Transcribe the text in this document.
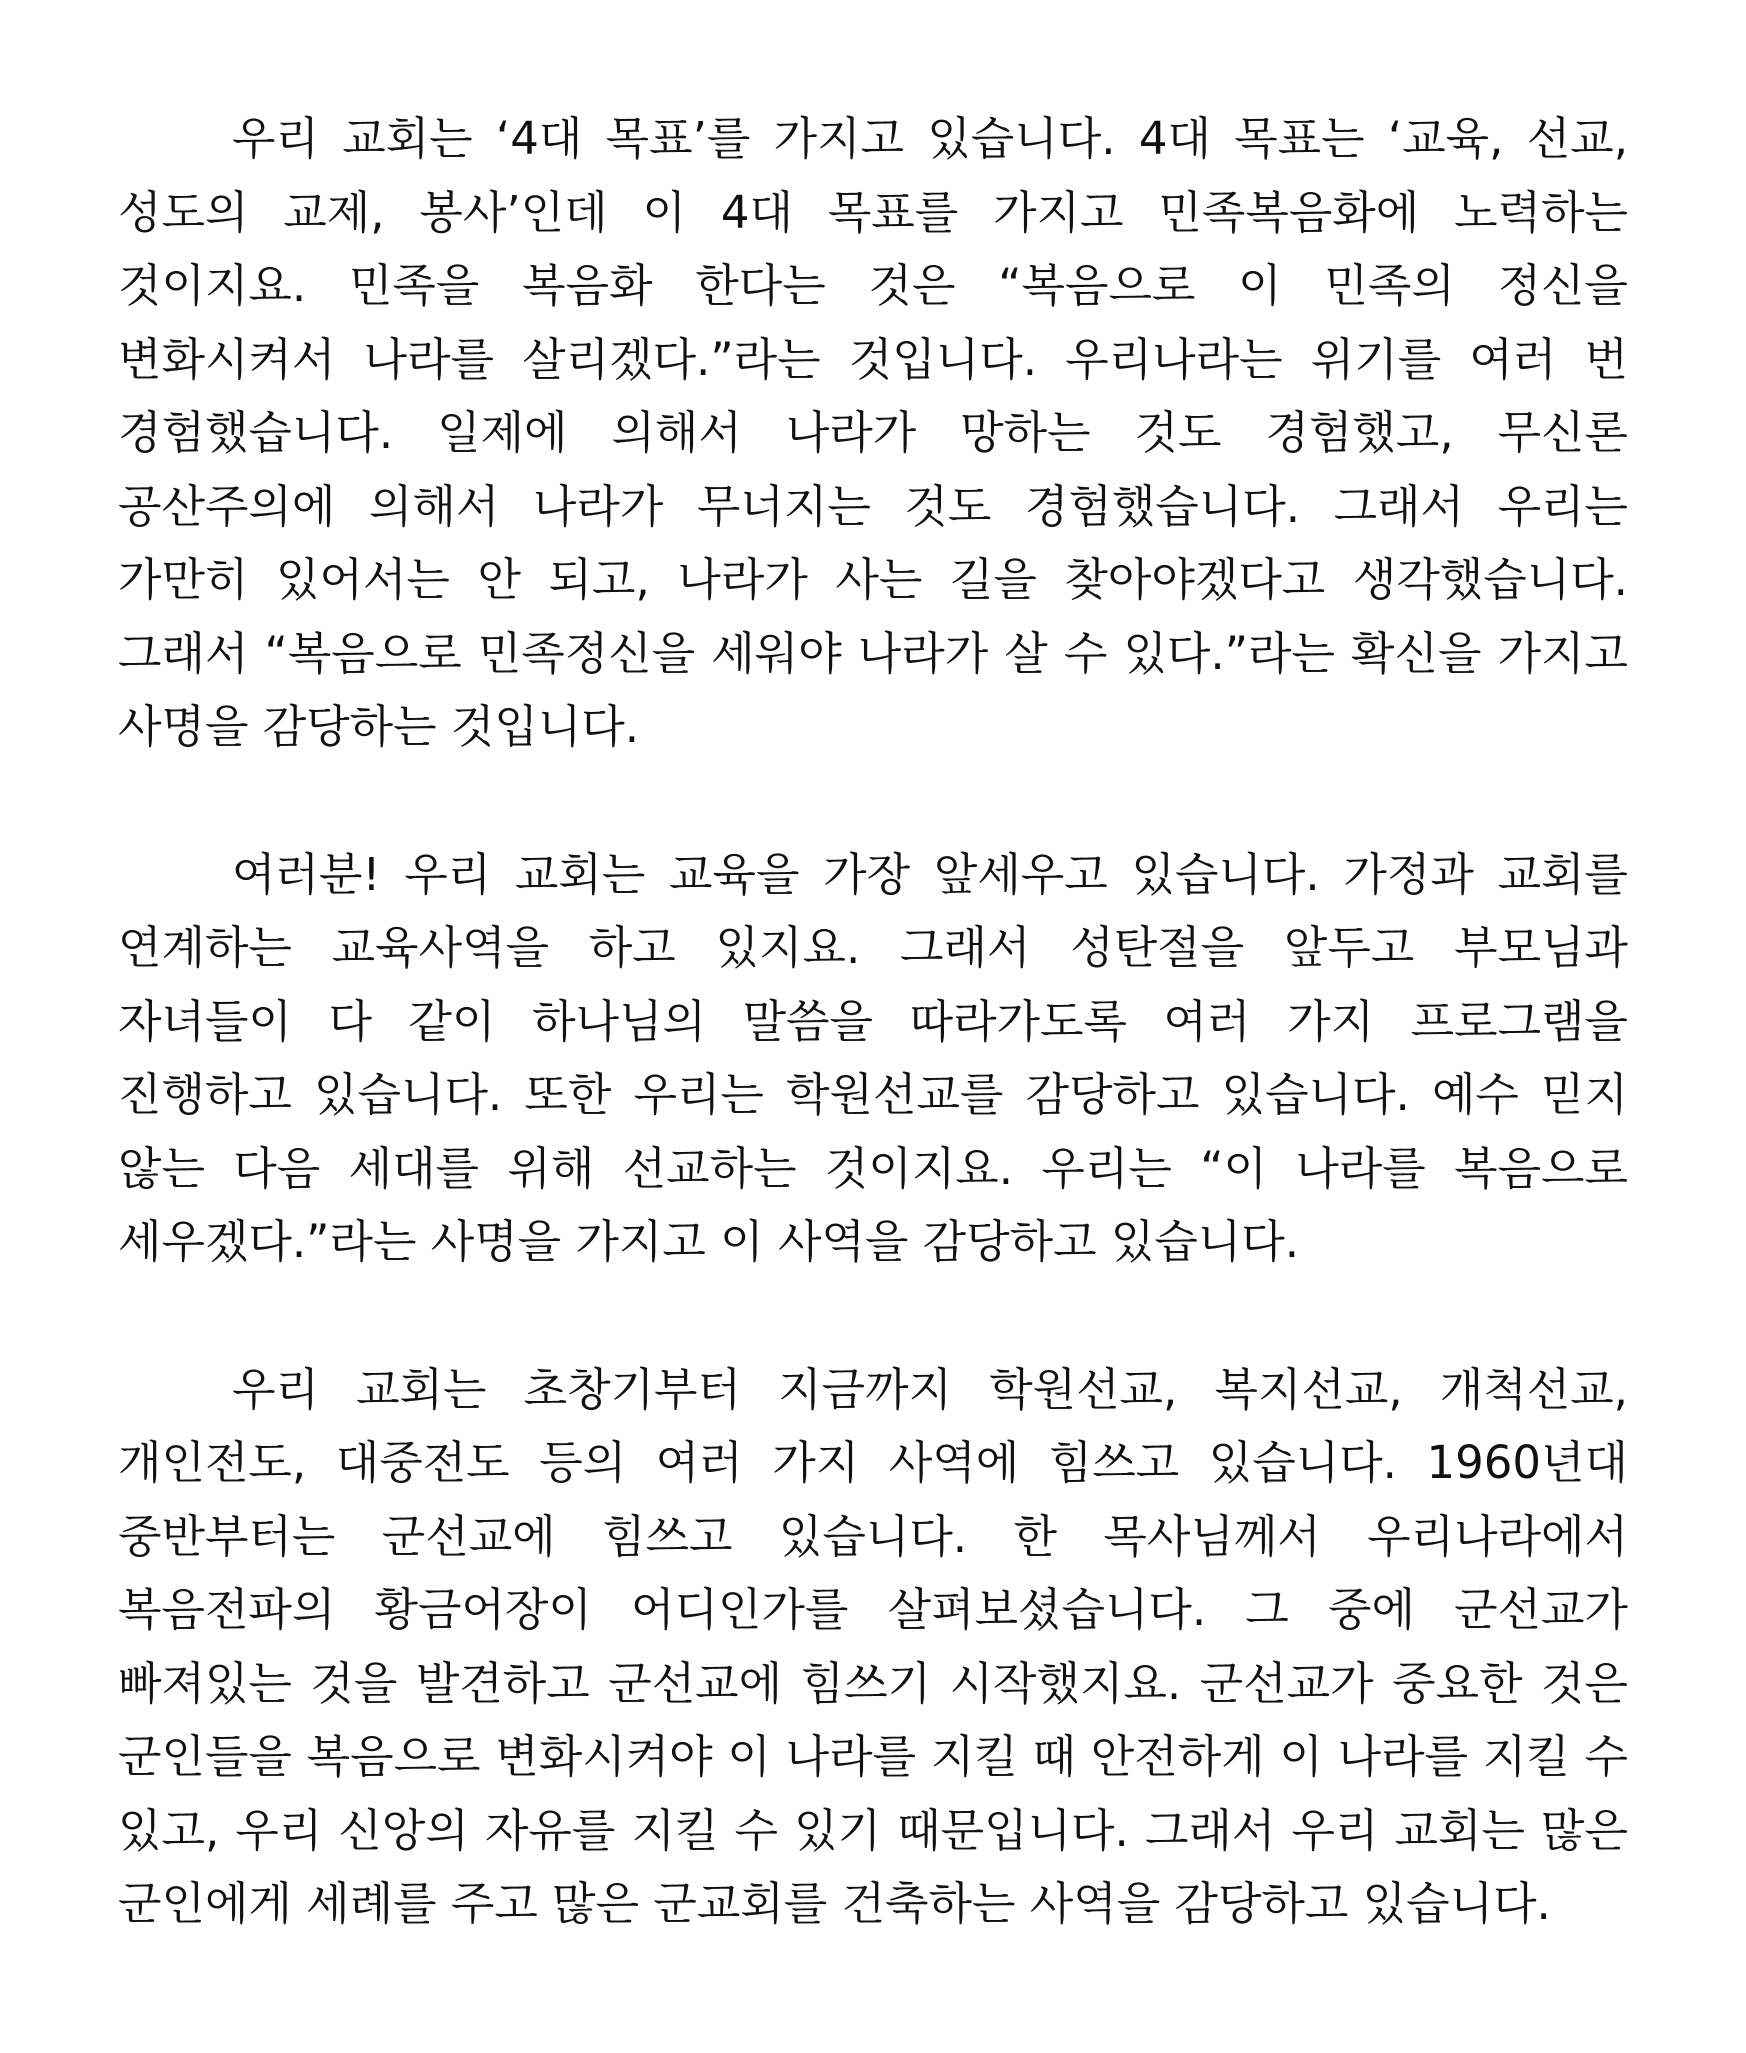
우리 교회는 ‘4대 목표’를 가지고 있습니다. 4대 목표는 ‘교육, 선교, 성도의 교제, 봉사’인데 이 4대 목표를 가지고 민족복음화에 노력하는 것이지요. 민족을 복음화 한다는 것은 “복음으로 이 민족의 정신을 변화시켜서 나라를 살리겠다.”라는 것입니다. 우리나라는 위기를 여러 번 경험했습니다. 일제에 의해서 나라가 망하는 것도 경험했고, 무신론 공산주의에 의해서 나라가 무너지는 것도 경험했습니다. 그래서 우리는 가만히 있어서는 안 되고, 나라가 사는 길을 찾아야겠다고 생각했습니다. 그래서 “복음으로 민족정신을 세워야 나라가 살 수 있다.”라는 확신을 가지고 사명을 감당하는 것입니다.

여러분! 우리 교회는 교육을 가장 앞세우고 있습니다. 가정과 교회를 연계하는 교육사역을 하고 있지요. 그래서 성탄절을 앞두고 부모님과 자녀들이 다 같이 하나님의 말씀을 따라가도록 여러 가지 프로그램을 진행하고 있습니다. 또한 우리는 학원선교를 감당하고 있습니다. 예수 믿지 않는 다음 세대를 위해 선교하는 것이지요. 우리는 “이 나라를 복음으로 세우겠다.”라는 사명을 가지고 이 사역을 감당하고 있습니다.

우리 교회는 초창기부터 지금까지 학원선교, 복지선교, 개척선교, 개인전도, 대중전도 등의 여러 가지 사역에 힘쓰고 있습니다. 1960년대 중반부터는 군선교에 힘쓰고 있습니다. 한 목사님께서 우리나라에서 복음전파의 황금어장이 어디인가를 살펴보셨습니다. 그 중에 군선교가 빠져있는 것을 발견하고 군선교에 힘쓰기 시작했지요. 군선교가 중요한 것은 군인들을 복음으로 변화시켜야 이 나라를 지킬 때 안전하게 이 나라를 지킬 수 있고, 우리 신앙의 자유를 지킬 수 있기 때문입니다. 그래서 우리 교회는 많은 군인에게 세례를 주고 많은 군교회를 건축하는 사역을 감당하고 있습니다.
